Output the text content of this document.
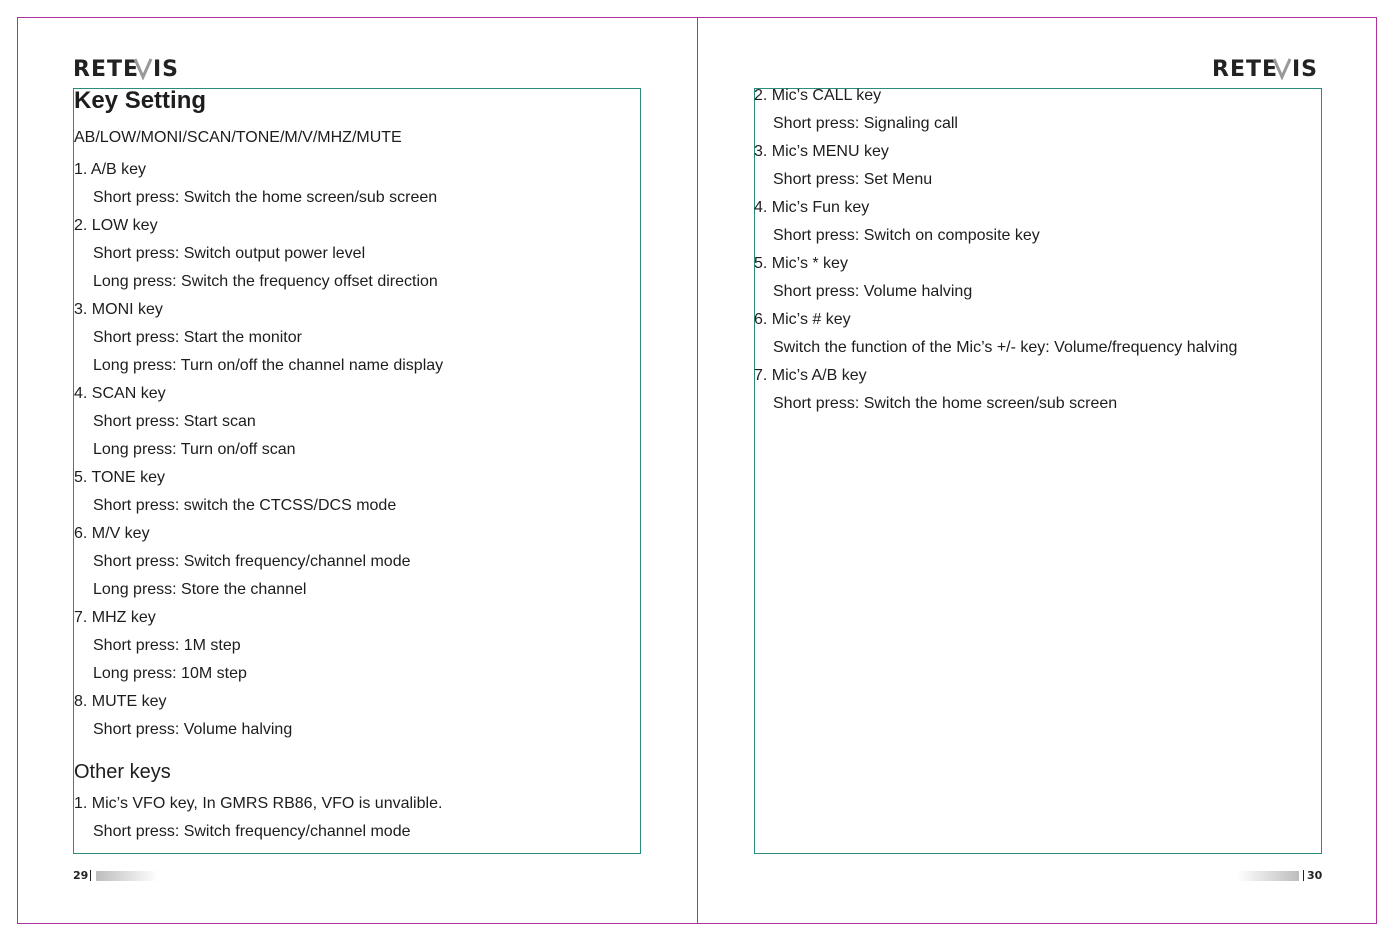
RETE IS
Key Setting
AB/LOW/MONI/SCAN/TONE/M/V/MHZ/MUTE
1. A/B key
Short press: Switch the home screen/sub screen
2. LOW key
Short press: Switch output power level
Long press: Switch the frequency offset direction
3. MONI key
Short press: Start the monitor
Long press: Turn on/off the channel name display
4. SCAN key
Short press: Start scan
Long press: Turn on/off scan
5. TONE key
Short press: switch the CTCSS/DCS mode
6. M/V key
Short press: Switch frequency/channel mode
Long press: Store the channel
7. MHZ key
Short press: 1M step
Long press: 10M step
8. MUTE key
Short press: Volume halving
Other keys
1. Mic’s VFO key, In GMRS RB86, VFO is unvalible.
Short press: Switch frequency/channel mode
29
RETE IS
2. Mic’s CALL key
Short press: Signaling call
3. Mic’s MENU key
Short press: Set Menu
4. Mic’s Fun key
Short press: Switch on composite key
5. Mic’s * key
Short press: Volume halving
6. Mic’s # key
Switch the function of the Mic’s +/- key: Volume/frequency halving
7. Mic’s A/B key
Short press: Switch the home screen/sub screen
30
